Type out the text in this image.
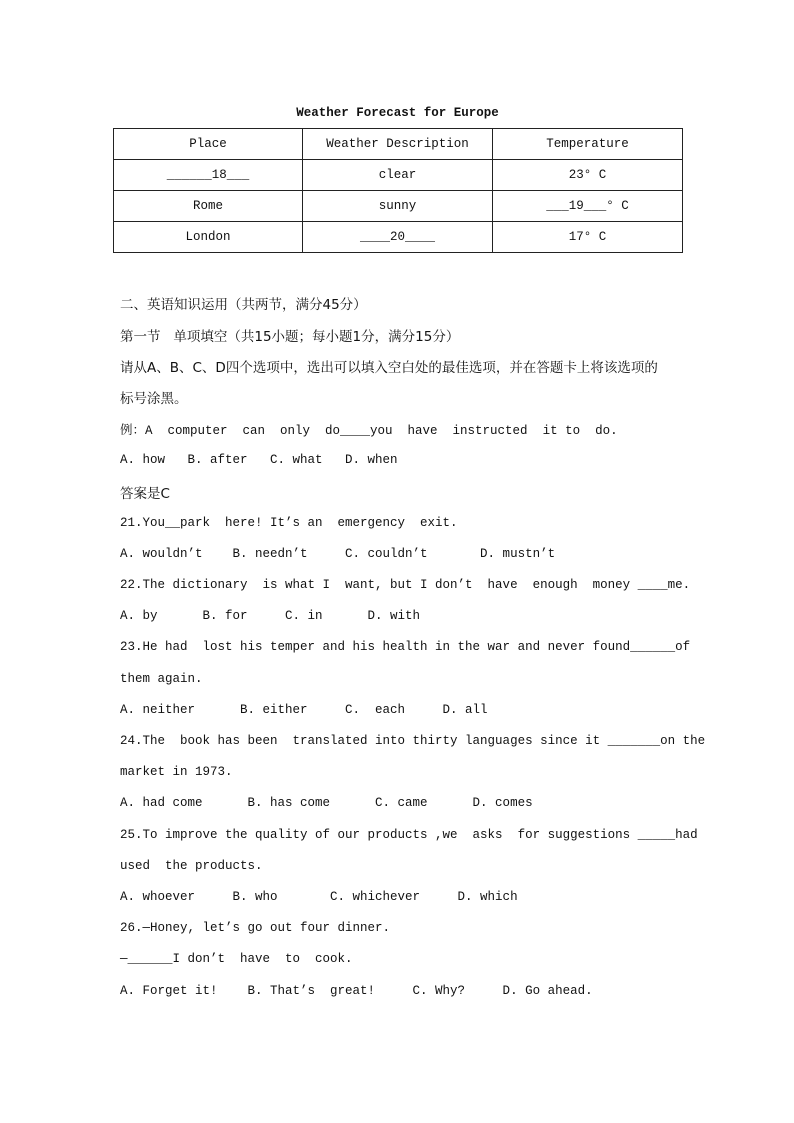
Weather Forecast for Europe
Place	Weather Description	Temperature
______18___	clear	23° C
Rome	sunny	___19___° C
London	____20____	17° C
二、英语知识运用（共两节，满分45分）
第一节   单项填空（共15小题；每小题1分，满分15分）
请从A、B、C、D四个选项中，选出可以填入空白处的最佳选项，并在答题卡上将该选项的
标号涂黑。
例：A  computer  can  only  do____you  have  instructed  it to  do.
A. how   B. after   C. what   D. when
答案是C
21.You__park  here! It’s an  emergency  exit.
A. wouldn’t    B. needn’t     C. couldn’t       D. mustn’t
22.The dictionary  is what I  want, but I don’t  have  enough  money ____me.
A. by      B. for     C. in      D. with
23.He had  lost his temper and his health in the war and never found______of
them again.
A. neither      B. either     C.  each     D. all
24.The  book has been  translated into thirty languages since it _______on the
market in 1973.
A. had come      B. has come      C. came      D. comes
25.To improve the quality of our products ,we  asks  for suggestions _____had
used  the products.
A. whoever     B. who       C. whichever     D. which
26.—Honey, let’s go out four dinner.
—______I don’t  have  to  cook.
A. Forget it!    B. That’s  great!     C. Why?     D. Go ahead.
